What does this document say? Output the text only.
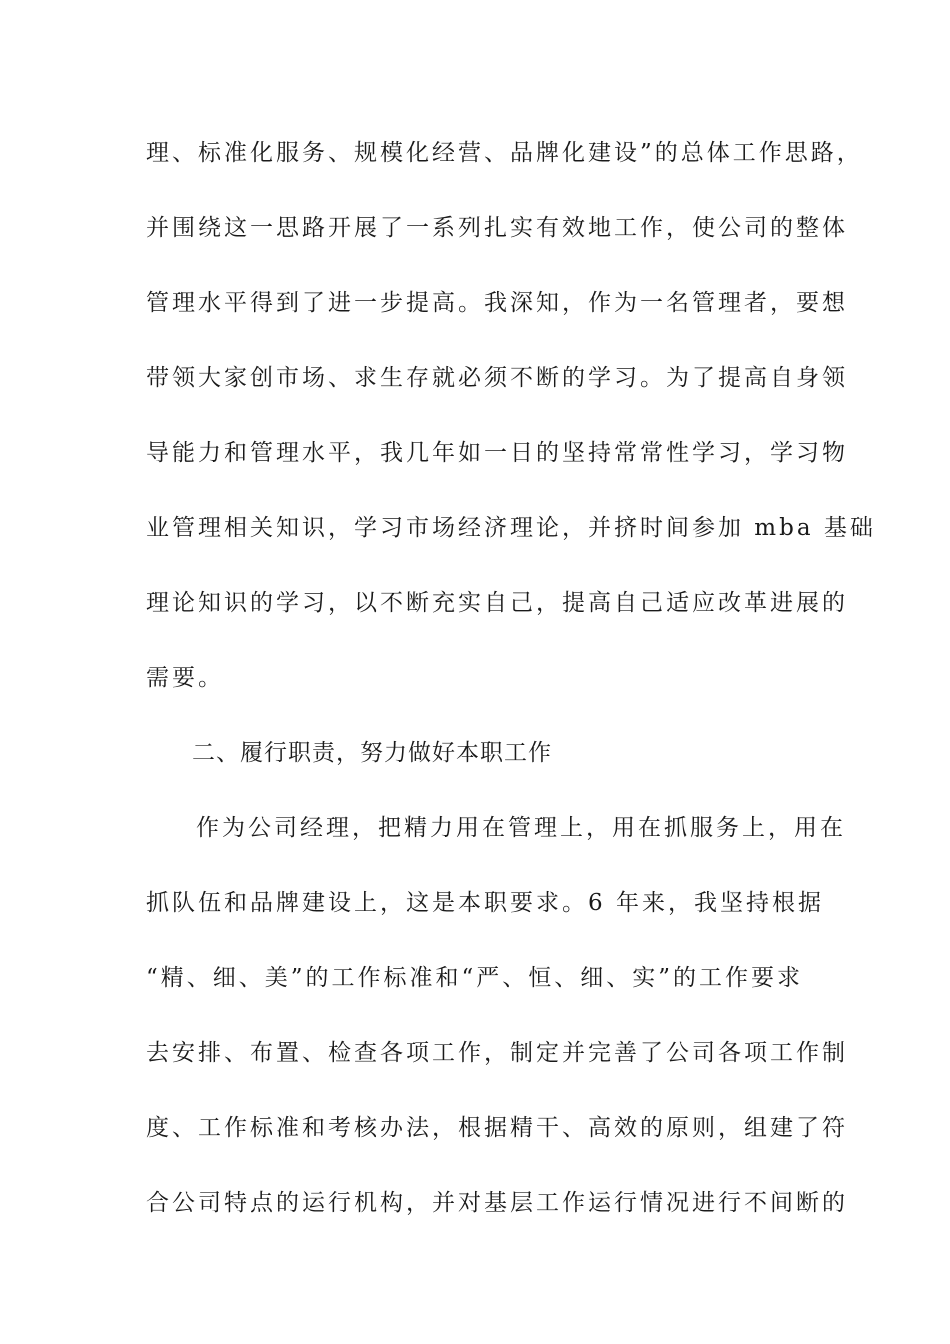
理、标准化服务、规模化经营、品牌化建设”的总体工作思路，
并围绕这一思路开展了一系列扎实有效地工作，使公司的整体
管理水平得到了进一步提高。我深知，作为一名管理者，要想
带领大家创市场、求生存就必须不断的学习。为了提高自身领
导能力和管理水平，我几年如一日的坚持常常性学习，学习物
业管理相关知识，学习市场经济理论，并挤时间参加 mba 基础
理论知识的学习，以不断充实自己，提高自己适应改革进展的
需要。
二、履行职责，努力做好本职工作
作为公司经理，把精力用在管理上，用在抓服务上，用在
抓队伍和品牌建设上，这是本职要求。6 年来，我坚持根据
“精、细、美”的工作标准和“严、恒、细、实”的工作要求
去安排、布置、检查各项工作，制定并完善了公司各项工作制
度、工作标准和考核办法，根据精干、高效的原则，组建了符
合公司特点的运行机构，并对基层工作运行情况进行不间断的
